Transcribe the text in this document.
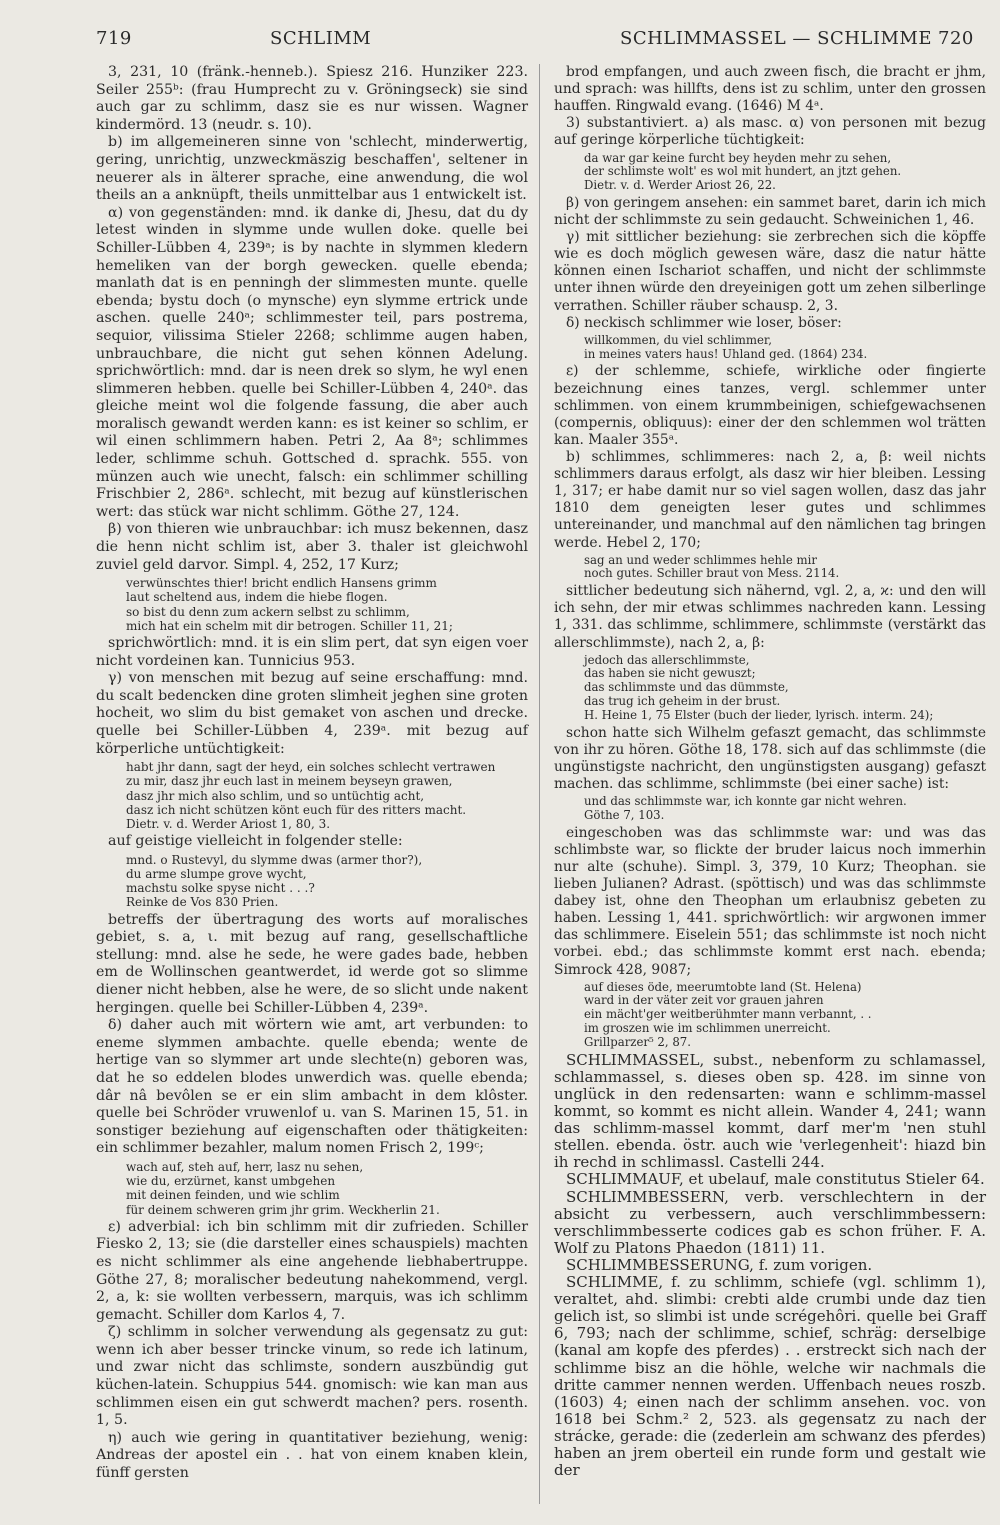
719	SCHLIMM	SCHLIMMASSEL — SCHLIMME 720

3, 231, 10 (fränk.-henneb.). Spiesz 216. Hunziker 223. Seiler 255ᵇ: (frau Humprecht zu v. Gröningseck) sie sind auch gar zu schlimm, dasz sie es nur wissen. Wagner kindermörd. 13 (neudr. s. 10).

b) im allgemeineren sinne von 'schlecht, minderwertig, gering, unrichtig, unzweckmäszig beschaffen', seltener in neuerer als in älterer sprache, eine anwendung, die wol theils an a anknüpft, theils unmittelbar aus 1 entwickelt ist.

α) von gegenständen: mnd. ik danke di, Jhesu, dat du dy letest winden in slymme unde wullen doke. quelle bei Schiller-Lübben 4, 239ᵃ; is by nachte in slymmen kledern hemeliken van der borgh gewecken. quelle ebenda; manlath dat is en penningh der slimmesten munte. quelle ebenda; bystu doch (o mynsche) eyn slymme ertrick unde aschen. quelle 240ᵃ; schlimmester teil, pars postrema, sequior, vilissima Stieler 2268; schlimme augen haben, unbrauchbare, die nicht gut sehen können Adelung. sprichwörtlich: mnd. dar is neen drek so slym, he wyl enen slimmeren hebben. quelle bei Schiller-Lübben 4, 240ᵃ. das gleiche meint wol die folgende fassung, die aber auch moralisch gewandt werden kann: es ist keiner so schlim, er wil einen schlimmern haben. Petri 2, Aa 8ᵃ; schlimmes leder, schlimme schuh. Gottsched d. sprachk. 555. von münzen auch wie unecht, falsch: ein schlimmer schilling Frischbier 2, 286ᵃ. schlecht, mit bezug auf künstlerischen wert: das stück war nicht schlimm. Göthe 27, 124.

β) von thieren wie unbrauchbar: ich musz bekennen, dasz die henn nicht schlim ist, aber 3. thaler ist gleichwohl zuviel geld darvor. Simpl. 4, 252, 17 Kurz;

verwünschtes thier! bricht endlich Hansens grimm
laut scheltend aus, indem die hiebe flogen.
so bist du denn zum ackern selbst zu schlimm,
mich hat ein schelm mit dir betrogen. Schiller 11, 21;

sprichwörtlich: mnd. it is ein slim pert, dat syn eigen voer nicht vordeinen kan. Tunnicius 953.

γ) von menschen mit bezug auf seine erschaffung: mnd. du scalt bedencken dine groten slimheit jeghen sine groten hocheit, wo slim du bist gemaket von aschen und drecke. quelle bei Schiller-Lübben 4, 239ᵃ. mit bezug auf körperliche untüchtigkeit:

habt jhr dann, sagt der heyd, ein solches schlecht vertrawen
zu mir, dasz jhr euch last in meinem beyseyn grawen,
dasz jhr mich also schlim, und so untüchtig acht,
dasz ich nicht schützen könt euch für des ritters macht.
Dietr. v. d. Werder Ariost 1, 80, 3.

auf geistige vielleicht in folgender stelle:

mnd. o Rustevyl, du slymme dwas (armer thor?),
du arme slumpe grove wycht,
machstu solke spyse nicht . . .?
Reinke de Vos 830 Prien.

betreffs der übertragung des worts auf moralisches gebiet, s. a, ι. mit bezug auf rang, gesellschaftliche stellung: mnd. alse he sede, he were gades bade, hebben em de Wollinschen geantwerdet, id werde got so slimme diener nicht hebben, alse he were, de so slicht unde nakent hergingen. quelle bei Schiller-Lübben 4, 239ᵃ.

δ) daher auch mit wörtern wie amt, art verbunden: to eneme slymmen ambachte. quelle ebenda; wente de hertige van so slymmer art unde slechte(n) geboren was, dat he so eddelen blodes unwerdich was. quelle ebenda; dâr nâ bevôlen se er ein slim ambacht in dem klôster. quelle bei Schröder vruwenlof u. van S. Marinen 15, 51. in sonstiger beziehung auf eigenschaften oder thätigkeiten: ein schlimmer bezahler, malum nomen Frisch 2, 199ᶜ;

wach auf, steh auf, herr, lasz nu sehen,
wie du, erzürnet, kanst umbgehen
mit deinen feinden, und wie schlim
für deinem schweren grim jhr grim. Weckherlin 21.

ε) adverbial: ich bin schlimm mit dir zufrieden. Schiller Fiesko 2, 13; sie (die darsteller eines schauspiels) machten es nicht schlimmer als eine angehende liebhabertruppe. Göthe 27, 8; moralischer bedeutung nahekommend, vergl. 2, a, k: sie wollten verbessern, marquis, was ich schlimm gemacht. Schiller dom Karlos 4, 7.

ζ) schlimm in solcher verwendung als gegensatz zu gut: wenn ich aber besser trincke vinum, so rede ich latinum, und zwar nicht das schlimste, sondern auszbündig gut küchen-latein. Schuppius 544. gnomisch: wie kan man aus schlimmen eisen ein gut schwerdt machen? pers. rosenth. 1, 5.

η) auch wie gering in quantitativer beziehung, wenig: Andreas der apostel ein . . hat von einem knaben klein, fünff gersten

brod empfangen, und auch zween fisch, die bracht er jhm, und sprach: was hillfts, dens ist zu schlim, unter den grossen hauffen. Ringwald evang. (1646) M 4ᵃ.

3) substantiviert. a) als masc. α) von personen mit bezug auf geringe körperliche tüchtigkeit:

da war gar keine furcht bey heyden mehr zu sehen,
der schlimste wolt' es wol mit hundert, an jtzt gehen.
Dietr. v. d. Werder Ariost 26, 22.

β) von geringem ansehen: ein sammet baret, darin ich mich nicht der schlimmste zu sein gedaucht. Schweinichen 1, 46.

γ) mit sittlicher beziehung: sie zerbrechen sich die köpffe wie es doch möglich gewesen wäre, dasz die natur hätte können einen Ischariot schaffen, und nicht der schlimmste unter ihnen würde den dreyeinigen gott um zehen silberlinge verrathen. Schiller räuber schausp. 2, 3.

δ) neckisch schlimmer wie loser, böser:

willkommen, du viel schlimmer,
in meines vaters haus! Uhland ged. (1864) 234.

ε) der schlemme, schiefe, wirkliche oder fingierte bezeichnung eines tanzes, vergl. schlemmer unter schlimmen. von einem krummbeinigen, schiefgewachsenen (compernis, obliquus): einer der den schlemmen wol trätten kan. Maaler 355ᵃ.

b) schlimmes, schlimmeres: nach 2, a, β: weil nichts schlimmers daraus erfolgt, als dasz wir hier bleiben. Lessing 1, 317; er habe damit nur so viel sagen wollen, dasz das jahr 1810 dem geneigten leser gutes und schlimmes untereinander, und manchmal auf den nämlichen tag bringen werde. Hebel 2, 170;

sag an und weder schlimmes hehle mir
noch gutes. Schiller braut von Mess. 2114.

sittlicher bedeutung sich nähernd, vgl. 2, a, ϰ: und den will ich sehn, der mir etwas schlimmes nachreden kann. Lessing 1, 331. das schlimme, schlimmere, schlimmste (verstärkt das allerschlimmste), nach 2, a, β:

jedoch das allerschlimmste,
das haben sie nicht gewuszt;
das schlimmste und das dümmste,
das trug ich geheim in der brust.
H. Heine 1, 75 Elster (buch der lieder, lyrisch. interm. 24);

schon hatte sich Wilhelm gefaszt gemacht, das schlimmste von ihr zu hören. Göthe 18, 178. sich auf das schlimmste (die ungünstigste nachricht, den ungünstigsten ausgang) gefaszt machen. das schlimme, schlimmste (bei einer sache) ist:

und das schlimmste war, ich konnte gar nicht wehren.
Göthe 7, 103.

eingeschoben was das schlimmste war: und was das schlimbste war, so flickte der bruder laicus noch immerhin nur alte (schuhe). Simpl. 3, 379, 10 Kurz; Theophan. sie lieben Julianen? Adrast. (spöttisch) und was das schlimmste dabey ist, ohne den Theophan um erlaubnisz gebeten zu haben. Lessing 1, 441. sprichwörtlich: wir argwonen immer das schlimmere. Eiselein 551; das schlimmste ist noch nicht vorbei. ebd.; das schlimmste kommt erst nach. ebenda; Simrock 428, 9087;

auf dieses öde, meerumtobte land (St. Helena)
ward in der väter zeit vor grauen jahren
ein mächt'ger weitberühmter mann verbannt, . .
im groszen wie im schlimmen unerreicht.
Grillparzer⁵ 2, 87.

SCHLIMMASSEL, subst., nebenform zu schlamassel, schlammassel, s. dieses oben sp. 428. im sinne von unglück in den redensarten: wann e schlimm-massel kommt, so kommt es nicht allein. Wander 4, 241; wann das schlimm-massel kommt, darf mer'm 'nen stuhl stellen. ebenda. östr. auch wie 'verlegenheit': hiazd bin ih rechd in schlimassl. Castelli 244.

SCHLIMMAUF, et ubelauf, male constitutus Stieler 64.

SCHLIMMBESSERN, verb. verschlechtern in der absicht zu verbessern, auch verschlimmbessern: verschlimmbesserte codices gab es schon früher. F. A. Wolf zu Platons Phaedon (1811) 11.

SCHLIMMBESSERUNG, f. zum vorigen.

SCHLIMME, f. zu schlimm, schiefe (vgl. schlimm 1), veraltet, ahd. slimbi: crebti alde crumbi unde daz tien gelich ist, so slimbi ist unde scrégehôri. quelle bei Graff 6, 793; nach der schlimme, schief, schräg: derselbige (kanal am kopfe des pferdes) . . erstreckt sich nach der schlimme bisz an die höhle, welche wir nachmals die dritte cammer nennen werden. Uffenbach neues roszb. (1603) 4; einen nach der schlimm ansehen. voc. von 1618 bei Schm.² 2, 523. als gegensatz zu nach der strácke, gerade: die (zederlein am schwanz des pferdes) haben an jrem oberteil ein runde form und gestalt wie der
